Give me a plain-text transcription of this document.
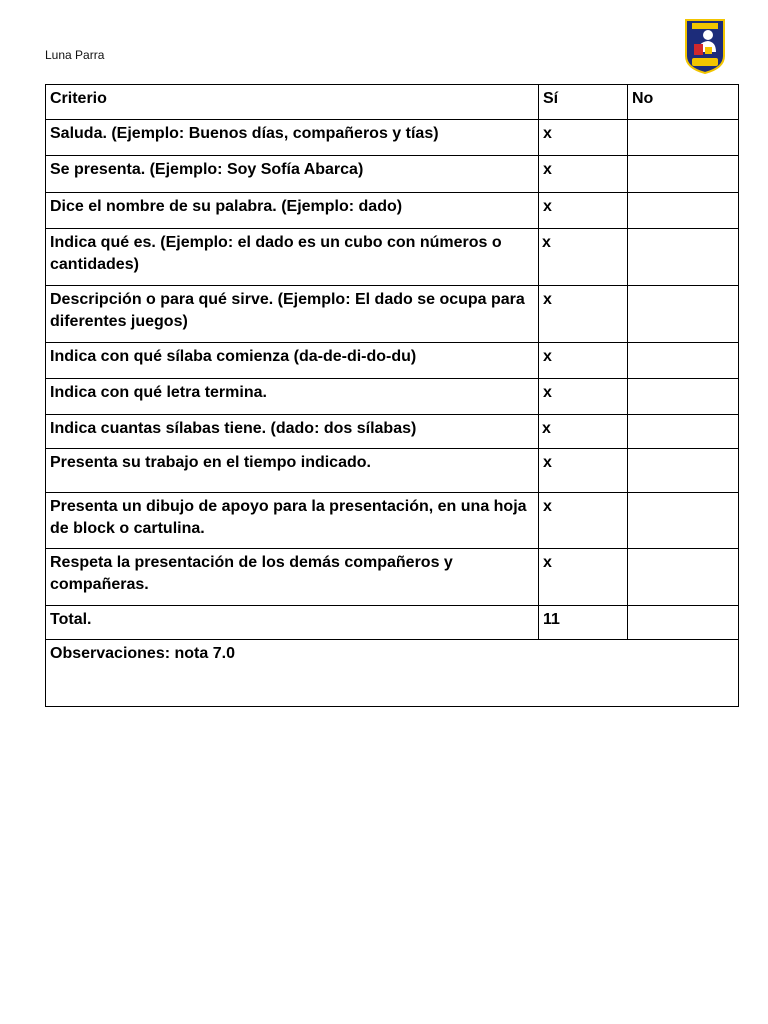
Luna Parra
Criterio	Sí	No
Saluda. (Ejemplo: Buenos días, compañeros y tías)	x	
Se presenta. (Ejemplo: Soy Sofía Abarca)	x	
Dice el nombre de su palabra. (Ejemplo: dado)	x	
Indica qué es. (Ejemplo: el dado es un cubo con números o cantidades)	x	
Descripción o para qué sirve. (Ejemplo: El dado se ocupa para diferentes juegos)	x	
Indica con qué sílaba comienza (da-de-di-do-du)	x	
Indica con qué letra termina.	x	
Indica cuantas sílabas tiene. (dado: dos sílabas)	x	
Presenta su trabajo en el tiempo indicado.	x	
Presenta un dibujo de apoyo para la presentación, en una hoja de block o cartulina.	x	
Respeta la presentación de los demás compañeros y compañeras.	x	
Total.	11	
Observaciones: nota 7.0		
